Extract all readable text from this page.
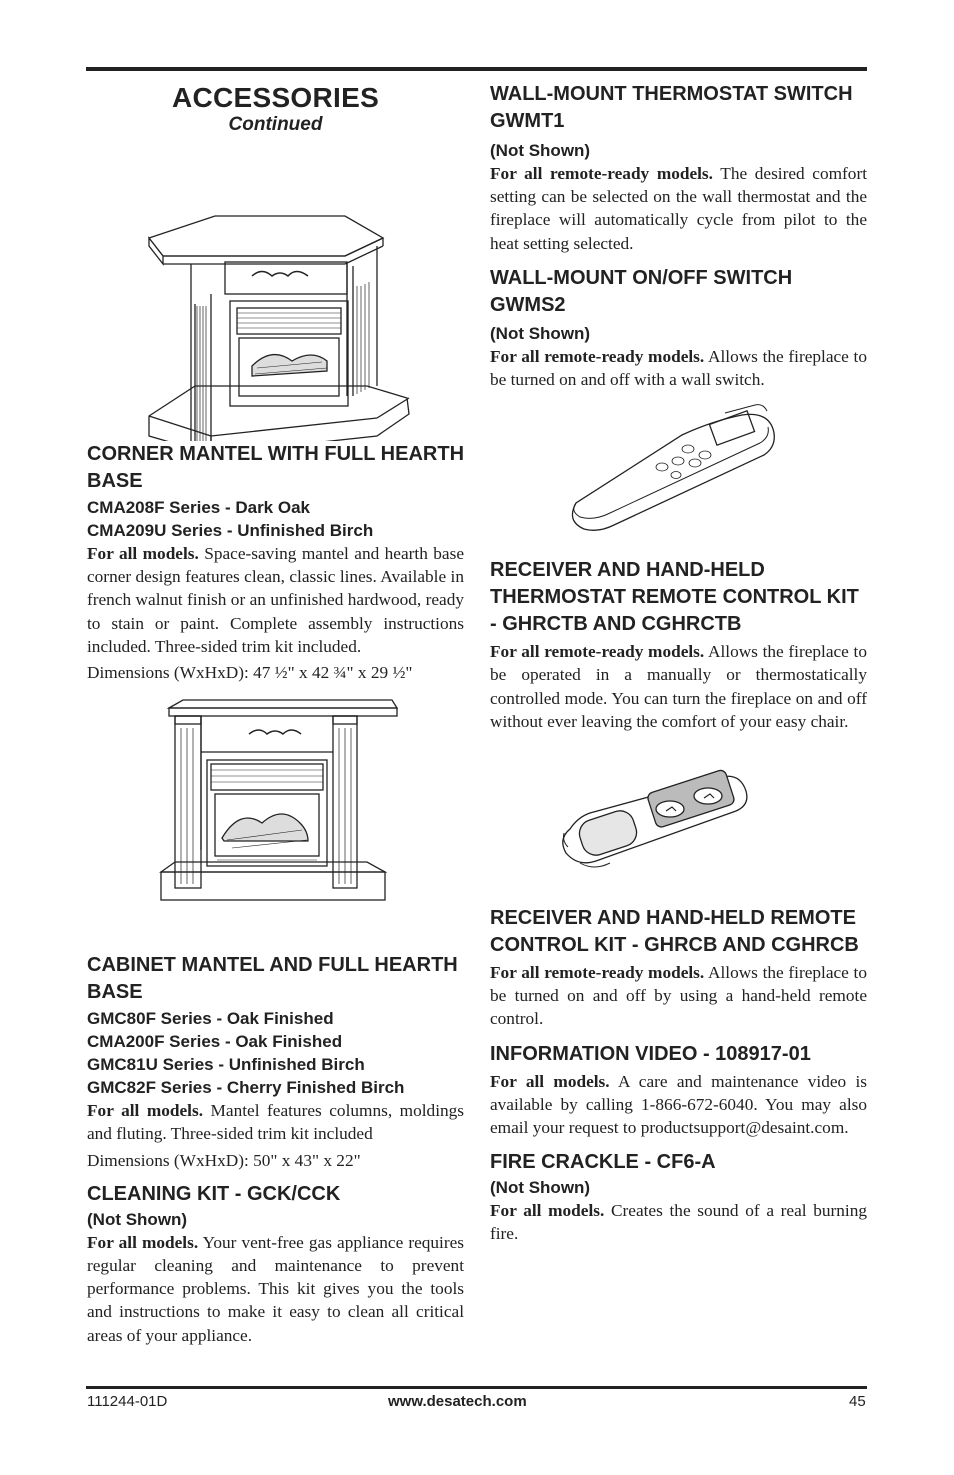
ACCESSORIES
Continued
CORNER MANTEL WITH FULL HEARTH BASE
CMA208F Series - Dark Oak
CMA209U Series - Unfinished Birch

For all models. Space-saving mantel and hearth base corner design features clean, classic lines. Available in french walnut finish or an unfinished hardwood, ready to stain or paint. Complete assembly instructions included. Three-sided trim kit included.

Dimensions (WxHxD): 47 ½" x 42 ¾" x 29 ½"

CABINET MANTEL AND FULL HEARTH BASE
GMC80F Series - Oak Finished
CMA200F Series - Oak Finished
GMC81U Series - Unfinished Birch
GMC82F Series - Cherry Finished Birch

For all models. Mantel features columns, moldings and fluting. Three-sided trim kit included

Dimensions (WxHxD): 50" x 43" x 22"

CLEANING KIT - GCK/CCK
(Not Shown)

For all models. Your vent-free gas appliance requires regular cleaning and maintenance to prevent performance problems. This kit gives you the tools and instructions to make it easy to clean all critical areas of your appliance.

WALL-MOUNT THERMOSTAT SWITCH GWMT1
(Not Shown)

For all remote-ready models. The desired comfort setting can be selected on the wall thermostat and the fireplace will automatically cycle from pilot to the heat setting selected.

WALL-MOUNT ON/OFF SWITCH GWMS2
(Not Shown)

For all remote-ready models. Allows the fireplace to be turned on and off with a wall switch.

RECEIVER AND HAND-HELD THERMOSTAT REMOTE CONTROL KIT - GHRCTB AND CGHRCTB

For all remote-ready models. Allows the fireplace to be operated in a manually or thermostatically controlled mode. You can turn the fireplace on and off without ever leaving the comfort of your easy chair.

RECEIVER AND HAND-HELD REMOTE CONTROL KIT - GHRCB AND CGHRCB

For all remote-ready models. Allows the fireplace to be turned on and off by using a hand-held remote control.

INFORMATION VIDEO - 108917-01

For all models. A care and maintenance video is available by calling 1-866-672-6040. You may also email your request to productsupport@desaint.com.

FIRE CRACKLE - CF6-A
(Not Shown)

For all models. Creates the sound of a real burning fire.

111244-01D	www.desatech.com	45
